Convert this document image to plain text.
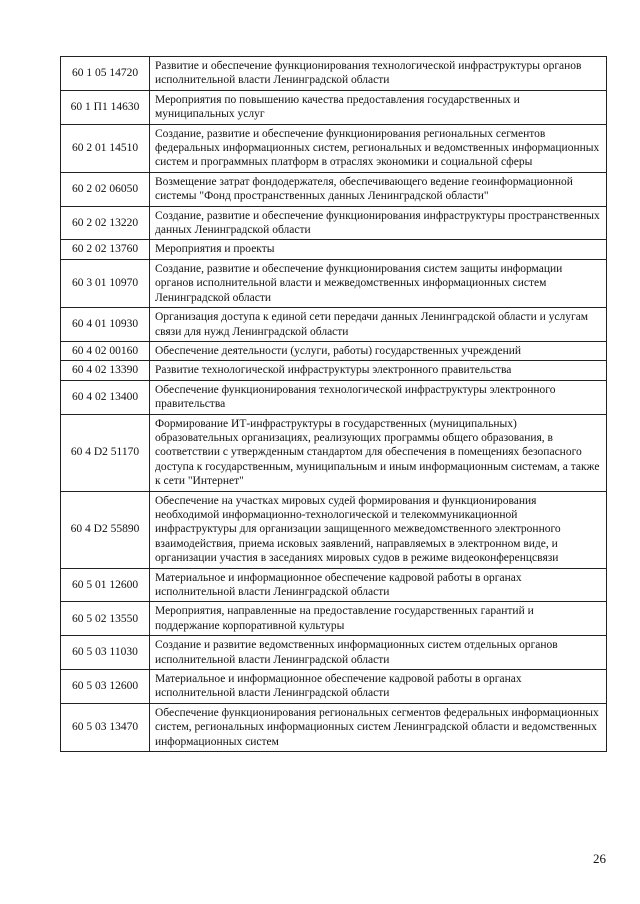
60 1 05 14720	Развитие и обеспечение функционирования технологической инфраструктуры органов исполнительной власти Ленинградской области
60 1 П1 14630	Мероприятия по повышению качества предоставления государственных и муниципальных услуг
60 2 01 14510	Создание, развитие и обеспечение функционирования региональных сегментов федеральных информационных систем, региональных и ведомственных информационных систем и программных платформ в отраслях экономики и социальной сферы
60 2 02 06050	Возмещение затрат фондодержателя, обеспечивающего ведение геоинформационной системы "Фонд пространственных данных Ленинградской области"
60 2 02 13220	Создание, развитие и обеспечение функционирования инфраструктуры пространственных данных Ленинградской области
60 2 02 13760	Мероприятия и проекты
60 3 01 10970	Создание, развитие и обеспечение функционирования систем защиты информации органов исполнительной власти и межведомственных информационных систем Ленинградской области
60 4 01 10930	Организация доступа к единой сети передачи данных Ленинградской области и услугам связи для нужд Ленинградской области
60 4 02 00160	Обеспечение деятельности (услуги, работы) государственных учреждений
60 4 02 13390	Развитие технологической инфраструктуры электронного правительства
60 4 02 13400	Обеспечение функционирования технологической инфраструктуры электронного правительства
60 4 D2 51170	Формирование ИТ-инфраструктуры в государственных (муниципальных) образовательных организациях, реализующих программы общего образования, в соответствии с утвержденным стандартом для обеспечения в помещениях безопасного доступа к государственным, муниципальным и иным информационным системам, а также к сети "Интернет"
60 4 D2 55890	Обеспечение на участках мировых судей формирования и функционирования необходимой информационно-технологической и телекоммуникационной инфраструктуры для организации защищенного межведомственного электронного взаимодействия, приема исковых заявлений, направляемых в электронном виде, и организации участия в заседаниях мировых судов в режиме видеоконференцсвязи
60 5 01 12600	Материальное и информационное обеспечение кадровой работы в органах исполнительной власти Ленинградской области
60 5 02 13550	Мероприятия, направленные на предоставление государственных гарантий и поддержание корпоративной культуры
60 5 03 11030	Создание и развитие ведомственных информационных систем отдельных органов исполнительной власти Ленинградской области
60 5 03 12600	Материальное и информационное обеспечение кадровой работы в органах исполнительной власти Ленинградской области
60 5 03 13470	Обеспечение функционирования региональных сегментов федеральных информационных систем, региональных информационных систем Ленинградской области и ведомственных информационных систем
26
